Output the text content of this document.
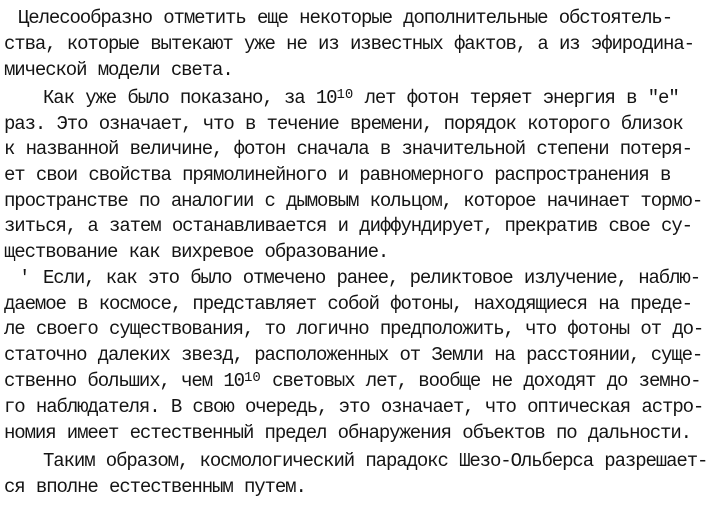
Целесообразно отметить еще некоторые дополнительные обстоятель-
ства, которые вытекают уже не из известных фактов, а из эфиродина-
мической модели света.
Как уже было показано, за $10^{10}$ лет фотон теряет энергия в "е"
раз. Это означает, что в течение времени, порядок которого близок
к названной величине, фотон сначала в значительной степени потеря-
ет свои свойства прямолинейного и равномерного распространения в
пространстве по аналогии с дымовым кольцом, которое начинает тормо-
зиться, а затем останавливается и диффундирует, прекратив свое су-
ществование как вихревое образование.
' Если, как это было отмечено ранее, реликтовое излучение, наблю-
даемое в космосе, представляет собой фотоны, находящиеся на преде-
ле своего существования, то логично предположить, что фотоны от до-
статочно далеких звезд, расположенных от Земли на расстоянии, суще-
ственно больших, чем $10^{10}$ световых лет, вообще не доходят до земно-
го наблюдателя. В свою очередь, это означает, что оптическая астро-
номия имеет естественный предел обнаружения объектов по дальности.
Таким образом, космологический парадокс Шезо-Ольберса разрешает-
ся вполне естественным путем.
